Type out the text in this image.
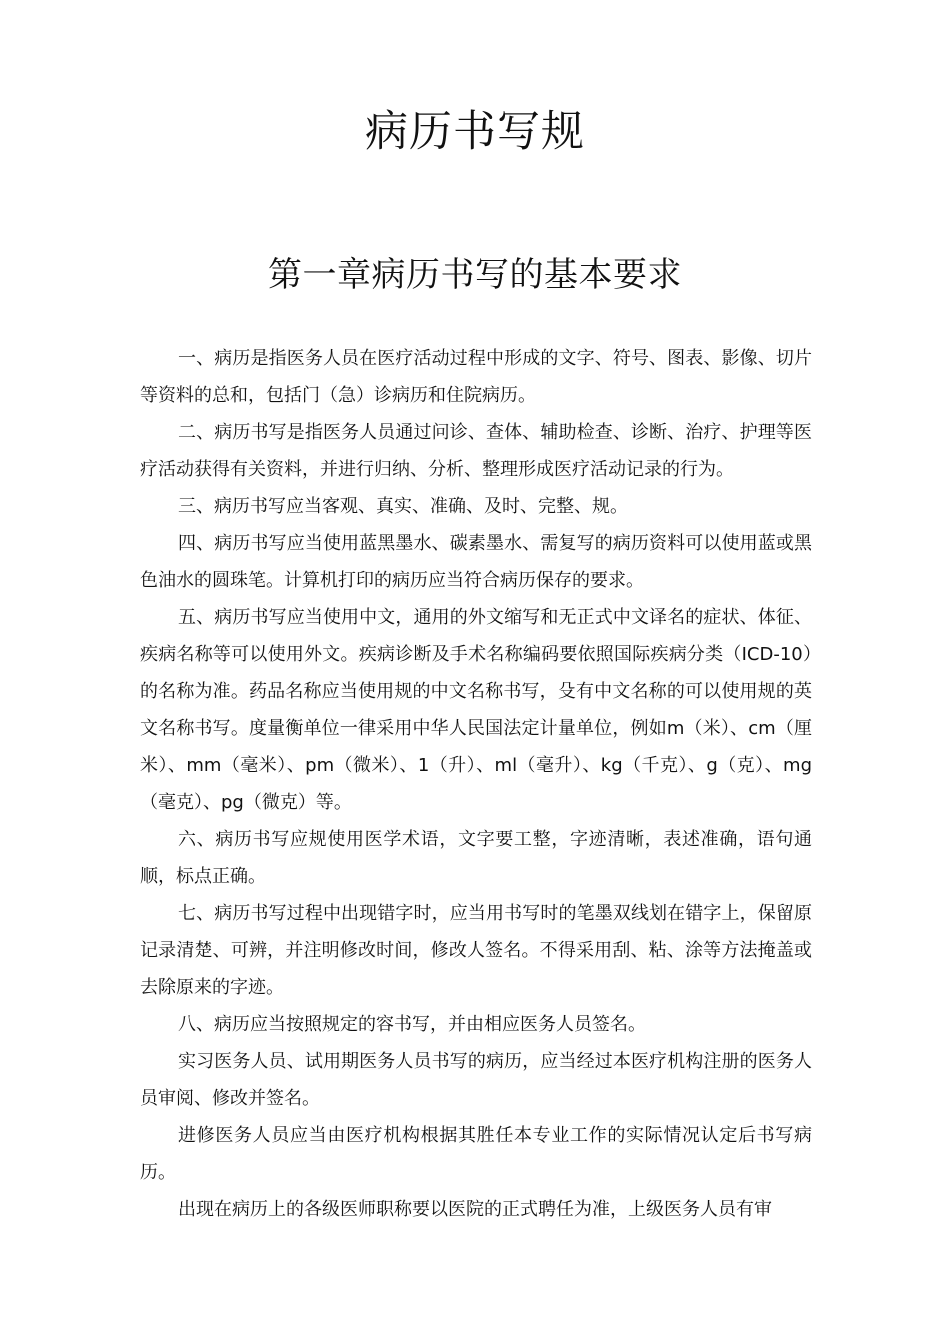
病历书写规
第一章病历书写的基本要求

一、病历是指医务人员在医疗活动过程中形成的文字、符号、图表、影像、切片等资料的总和，包括门（急）诊病历和住院病历。

二、病历书写是指医务人员通过问诊、查体、辅助检查、诊断、治疗、护理等医疗活动获得有关资料，并进行归纳、分析、整理形成医疗活动记录的行为。

三、病历书写应当客观、真实、准确、及时、完整、规。

四、病历书写应当使用蓝黑墨水、碳素墨水、需复写的病历资料可以使用蓝或黑色油水的圆珠笔。计算机打印的病历应当符合病历保存的要求。

五、病历书写应当使用中文，通用的外文缩写和无正式中文译名的症状、体征、疾病名称等可以使用外文。疾病诊断及手术名称编码要依照国际疾病分类（ICD-10）的名称为准。药品名称应当使用规的中文名称书写，殳有中文名称的可以使用规的英文名称书写。度量衡单位一律采用中华人民国法定计量单位，例如m（米）、cm（厘米）、mm（毫米）、pm（微米）、1（升）、ml（毫升）、kg（千克）、g（克）、mg（毫克）、pg（微克）等。

六、病历书写应规使用医学术语，文字要工整，字迹清晰，表述准确，语句通顺，标点正确。

七、病历书写过程中出现错字时，应当用书写时的笔墨双线划在错字上，保留原记录清楚、可辨，并注明修改时间，修改人签名。不得采用刮、粘、涂等方法掩盖或去除原来的字迹。

八、病历应当按照规定的容书写，并由相应医务人员签名。

实习医务人员、试用期医务人员书写的病历，应当经过本医疗机构注册的医务人员审阅、修改并签名。

进修医务人员应当由医疗机构根据其胜任本专业工作的实际情况认定后书写病历。

出现在病历上的各级医师职称要以医院的正式聘任为准，上级医务人员有审
